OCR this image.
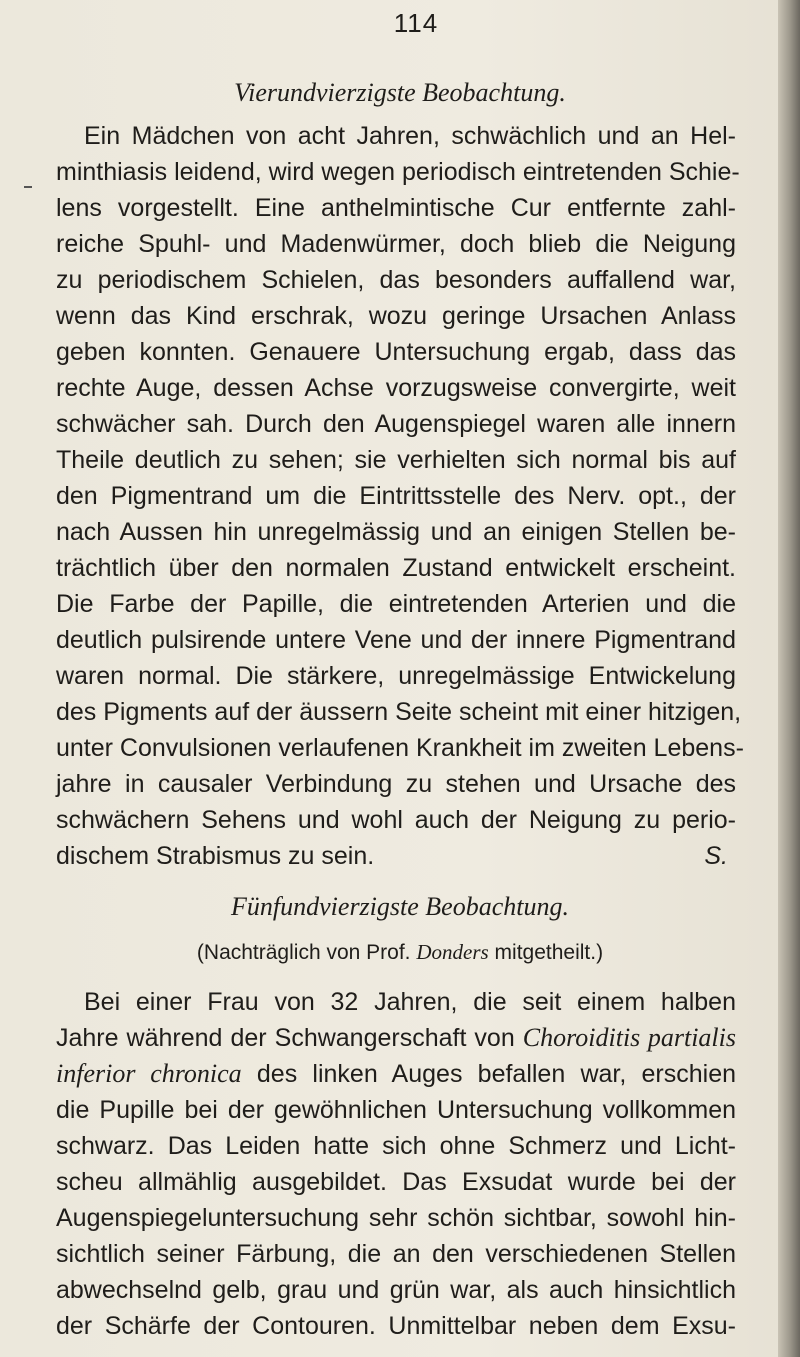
114
Vierundvierzigste Beobachtung.
Ein Mädchen von acht Jahren, schwächlich und an Hel-
minthiasis leidend, wird wegen periodisch eintretenden Schie-
lens vorgestellt. Eine anthelmintische Cur entfernte zahl-
reiche Spuhl- und Madenwürmer, doch blieb die Neigung
zu periodischem Schielen, das besonders auffallend war,
wenn das Kind erschrak, wozu geringe Ursachen Anlass
geben konnten. Genauere Untersuchung ergab, dass das
rechte Auge, dessen Achse vorzugsweise convergirte, weit
schwächer sah. Durch den Augenspiegel waren alle innern
Theile deutlich zu sehen; sie verhielten sich normal bis auf
den Pigmentrand um die Eintrittsstelle des Nerv. opt., der
nach Aussen hin unregelmässig und an einigen Stellen be-
trächtlich über den normalen Zustand entwickelt erscheint.
Die Farbe der Papille, die eintretenden Arterien und die
deutlich pulsirende untere Vene und der innere Pigmentrand
waren normal. Die stärkere, unregelmässige Entwickelung
des Pigments auf der äussern Seite scheint mit einer hitzigen,
unter Convulsionen verlaufenen Krankheit im zweiten Lebens-
jahre in causaler Verbindung zu stehen und Ursache des
schwächern Sehens und wohl auch der Neigung zu perio-
dischem Strabismus zu sein.	S.
Fünfundvierzigste Beobachtung.
(Nachträglich von Prof. Donders mitgetheilt.)
Bei einer Frau von 32 Jahren, die seit einem halben
Jahre während der Schwangerschaft von Choroiditis partialis
inferior chronica des linken Auges befallen war, erschien
die Pupille bei der gewöhnlichen Untersuchung vollkommen
schwarz. Das Leiden hatte sich ohne Schmerz und Licht-
scheu allmählig ausgebildet. Das Exsudat wurde bei der
Augenspiegeluntersuchung sehr schön sichtbar, sowohl hin-
sichtlich seiner Färbung, die an den verschiedenen Stellen
abwechselnd gelb, grau und grün war, als auch hinsichtlich
der Schärfe der Contouren. Unmittelbar neben dem Exsu-
